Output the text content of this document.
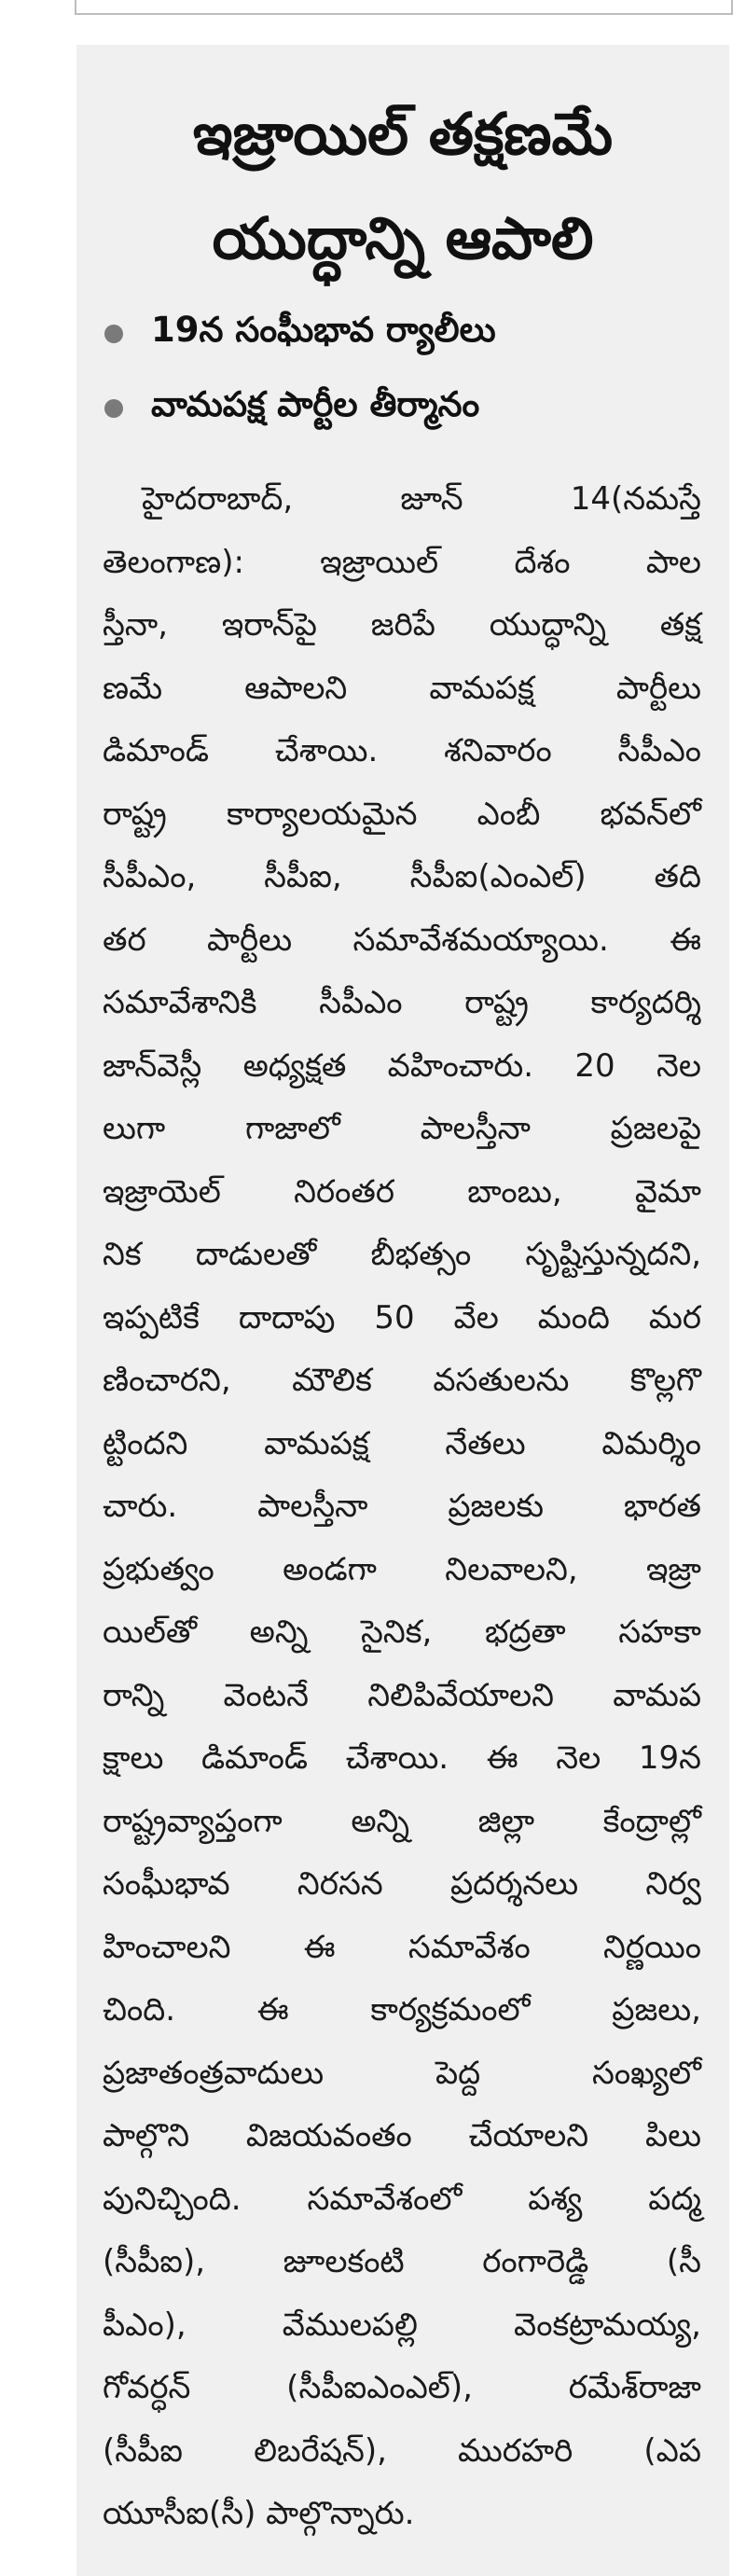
ఇజ్రాయిల్ తక్షణమే
యుద్ధాన్ని ఆపాలి
19న సంఘీభావ ర్యాలీలు
వామపక్ష పార్టీల తీర్మానం
హైదరాబాద్, జూన్ 14(నమస్తే
తెలంగాణ): ఇజ్రాయిల్ దేశం పాల
స్తీనా, ఇరాన్‌పై జరిపే యుద్ధాన్ని తక్ష
ణమే ఆపాలని వామపక్ష పార్టీలు
డిమాండ్ చేశాయి. శనివారం సీపీఎం
రాష్ట్ర కార్యాలయమైన ఎంబీ భవన్‌లో
సీపీఎం, సీపీఐ, సీపీఐ(ఎంఎల్) తది
తర పార్టీలు సమావేశమయ్యాయి. ఈ
సమావేశానికి సీపీఎం రాష్ట్ర కార్యదర్శి
జాన్‌వెస్లీ అధ్యక్షత వహించారు. 20 నెల
లుగా గాజాలో పాలస్తీనా ప్రజలపై
ఇజ్రాయెల్ నిరంతర బాంబు, వైమా
నిక దాడులతో బీభత్సం సృష్టిస్తున్నదని,
ఇప్పటికే దాదాపు 50 వేల మంది మర
ణించారని, మౌలిక వసతులను కొల్లగొ
ట్టిందని వామపక్ష నేతలు విమర్శిం
చారు. పాలస్తీనా ప్రజలకు భారత
ప్రభుత్వం అండగా నిలవాలని, ఇజ్రా
యిల్‌తో అన్ని సైనిక, భద్రతా సహకా
రాన్ని వెంటనే నిలిపివేయాలని వామప
క్షాలు డిమాండ్ చేశాయి. ఈ నెల 19న
రాష్ట్రవ్యాప్తంగా అన్ని జిల్లా కేంద్రాల్లో
సంఘీభావ నిరసన ప్రదర్శనలు నిర్వ
హించాలని ఈ సమావేశం నిర్ణయిం
చింది. ఈ కార్యక్రమంలో ప్రజలు,
ప్రజాతంత్రవాదులు పెద్ద సంఖ్యలో
పాల్గొని విజయవంతం చేయాలని పిలు
పునిచ్చింది. సమావేశంలో పశ్య పద్మ
(సీపీఐ), జూలకంటి రంగారెడ్డి (సీ
పీఎం), వేములపల్లి వెంకట్రామయ్య,
గోవర్ధన్ (సీపీఐఎంఎల్), రమేశ్‌రాజా
(సీపీఐ లిబరేషన్), మురహరి (ఎప
యూసీఐ(సీ) పాల్గొన్నారు.
